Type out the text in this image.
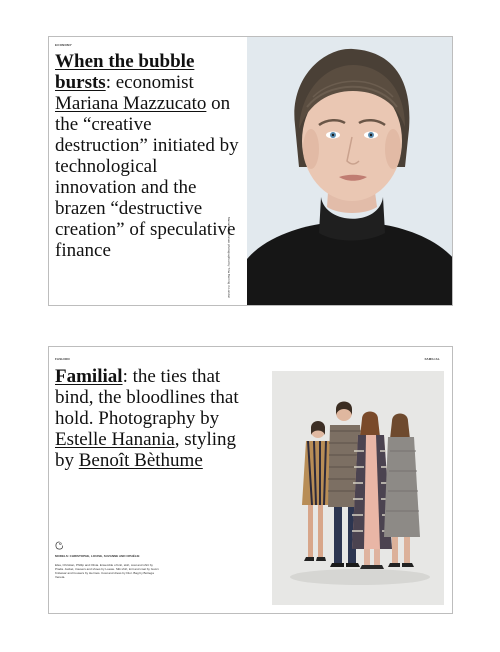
ECONOMY
When the bubble bursts: economist Mariana Mazzucato on the “creative destruction” initiated by technological innovation and the brazen “destructive creation” of speculative finance	Mariana Mazzucato photographed by Tina Berning in London
FASHION	FAMILIAL
Familial: the ties that bind, the bloodlines that hold. Photography by Estelle Hanania, styling by Benoît Bèthume
MODELS: CHRISTOPHE, LOUISE, SUZANNE AND OPHÉLIE
Elsa, Christian, Phillip and Olivia. Ensemble of knit, skirt, coat and shirt by Prada. Jacket, trousers and shoes by Loewe. Silk shirt, knit and coat by Gucci. Knitwear and trousers by Hermès. Coat and dress by Dior. Bag by Bottega Veneta.
